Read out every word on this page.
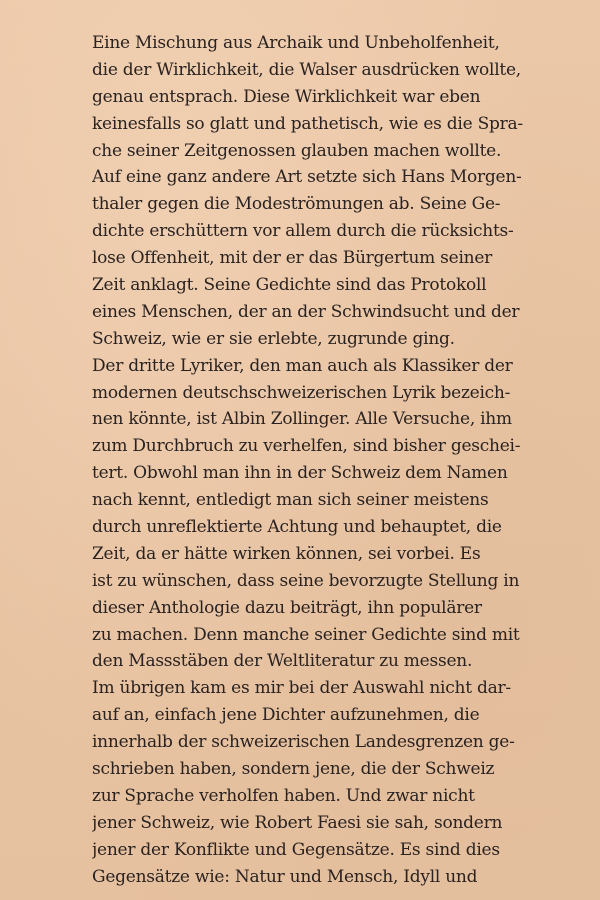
Eine Mischung aus Archaik und Unbeholfenheit,
die der Wirklichkeit, die Walser ausdrücken wollte,
genau entsprach. Diese Wirklichkeit war eben
keinesfalls so glatt und pathetisch, wie es die Spra-
che seiner Zeitgenossen glauben machen wollte.
Auf eine ganz andere Art setzte sich Hans Morgen-
thaler gegen die Modeströmungen ab. Seine Ge-
dichte erschüttern vor allem durch die rücksichts-
lose Offenheit, mit der er das Bürgertum seiner
Zeit anklagt. Seine Gedichte sind das Protokoll
eines Menschen, der an der Schwindsucht und der
Schweiz, wie er sie erlebte, zugrunde ging.
Der dritte Lyriker, den man auch als Klassiker der
modernen deutschschweizerischen Lyrik bezeich-
nen könnte, ist Albin Zollinger. Alle Versuche, ihm
zum Durchbruch zu verhelfen, sind bisher geschei-
tert. Obwohl man ihn in der Schweiz dem Namen
nach kennt, entledigt man sich seiner meistens
durch unreflektierte Achtung und behauptet, die
Zeit, da er hätte wirken können, sei vorbei. Es
ist zu wünschen, dass seine bevorzugte Stellung in
dieser Anthologie dazu beiträgt, ihn populärer
zu machen. Denn manche seiner Gedichte sind mit
den Massstäben der Weltliteratur zu messen.
Im übrigen kam es mir bei der Auswahl nicht dar-
auf an, einfach jene Dichter aufzunehmen, die
innerhalb der schweizerischen Landesgrenzen ge-
schrieben haben, sondern jene, die der Schweiz
zur Sprache verholfen haben. Und zwar nicht
jener Schweiz, wie Robert Faesi sie sah, sondern
jener der Konflikte und Gegensätze. Es sind dies
Gegensätze wie: Natur und Mensch, Idyll und
